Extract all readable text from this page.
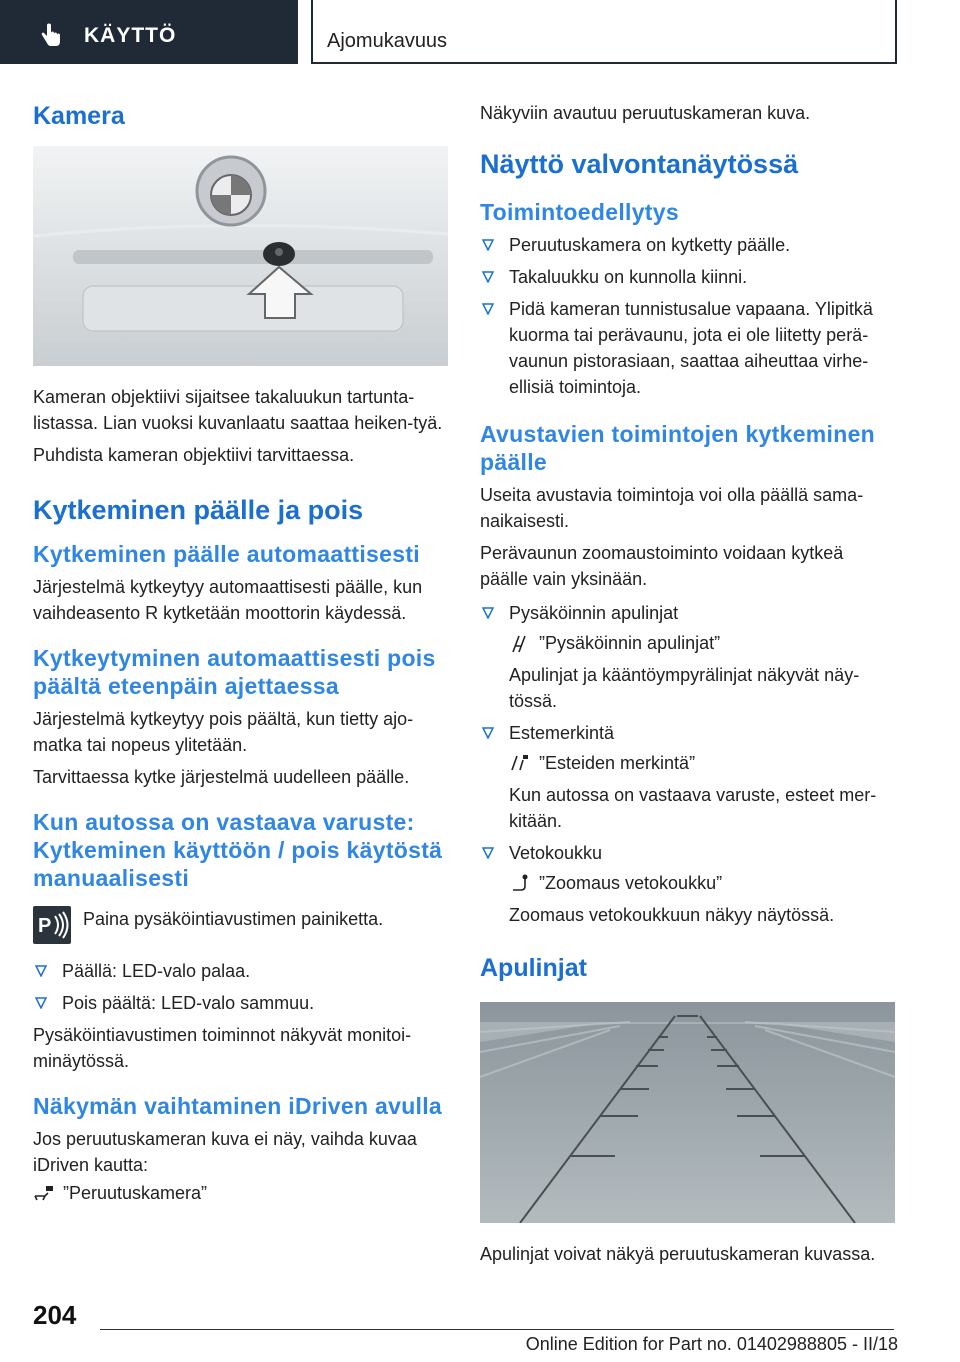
KÄYTTÖ	Ajomukavuus
Kamera

Kameran objektiivi sijaitsee takaluukun tartunta-listassa. Lian vuoksi kuvanlaatu saattaa heiken-tyä.

Puhdista kameran objektiivi tarvittaessa.

Kytkeminen päälle ja pois
Kytkeminen päälle automaattisesti

Järjestelmä kytkeytyy automaattisesti päälle, kun vaihdeasento R kytketään moottorin käydessä.

Kytkeytyminen automaattisesti pois päältä eteenpäin ajettaessa

Järjestelmä kytkeytyy pois päältä, kun tietty ajo-matka tai nopeus ylitetään.

Tarvittaessa kytke järjestelmä uudelleen päälle.

Kun autossa on vastaava varuste: Kytkeminen käyttöön / pois käytöstä manuaalisesti
P Paina pysäköintiavustimen painiketta.

Päällä: LED-valo palaa.
Pois päältä: LED-valo sammuu.

Pysäköintiavustimen toiminnot näkyvät monitoi-minäytössä.

Näkymän vaihtaminen iDriven avulla

Jos peruutuskameran kuva ei näy, vaihda kuvaa iDriven kautta:

”Peruutuskamera”

Näkyviin avautuu peruutuskameran kuva.

Näyttö valvontanäytössä
Toimintoedellytys
Peruutuskamera on kytketty päälle.
Takaluukku on kunnolla kiinni.
Pidä kameran tunnistusalue vapaana. Ylipitkä kuorma tai perävaunu, jota ei ole liitetty perä-vaunun pistorasiaan, saattaa aiheuttaa virhe-ellisiä toimintoja.
Avustavien toimintojen kytkeminen päälle

Useita avustavia toimintoja voi olla päällä sama-naikaisesti.

Perävaunun zoomaustoiminto voidaan kytkeä päälle vain yksinään.

Pysäköinnin apulinjat
”Pysäköinnin apulinjat”
Apulinjat ja kääntöympyrälinjat näkyvät näy-tössä.
Estemerkintä
”Esteiden merkintä”
Kun autossa on vastaava varuste, esteet mer-kitään.
Vetokoukku
”Zoomaus vetokoukku”
Zoomaus vetokoukkuun näkyy näytössä.
Apulinjat

Apulinjat voivat näkyä peruutuskameran kuvassa.

204
Online Edition for Part no. 01402988805 - II/18
